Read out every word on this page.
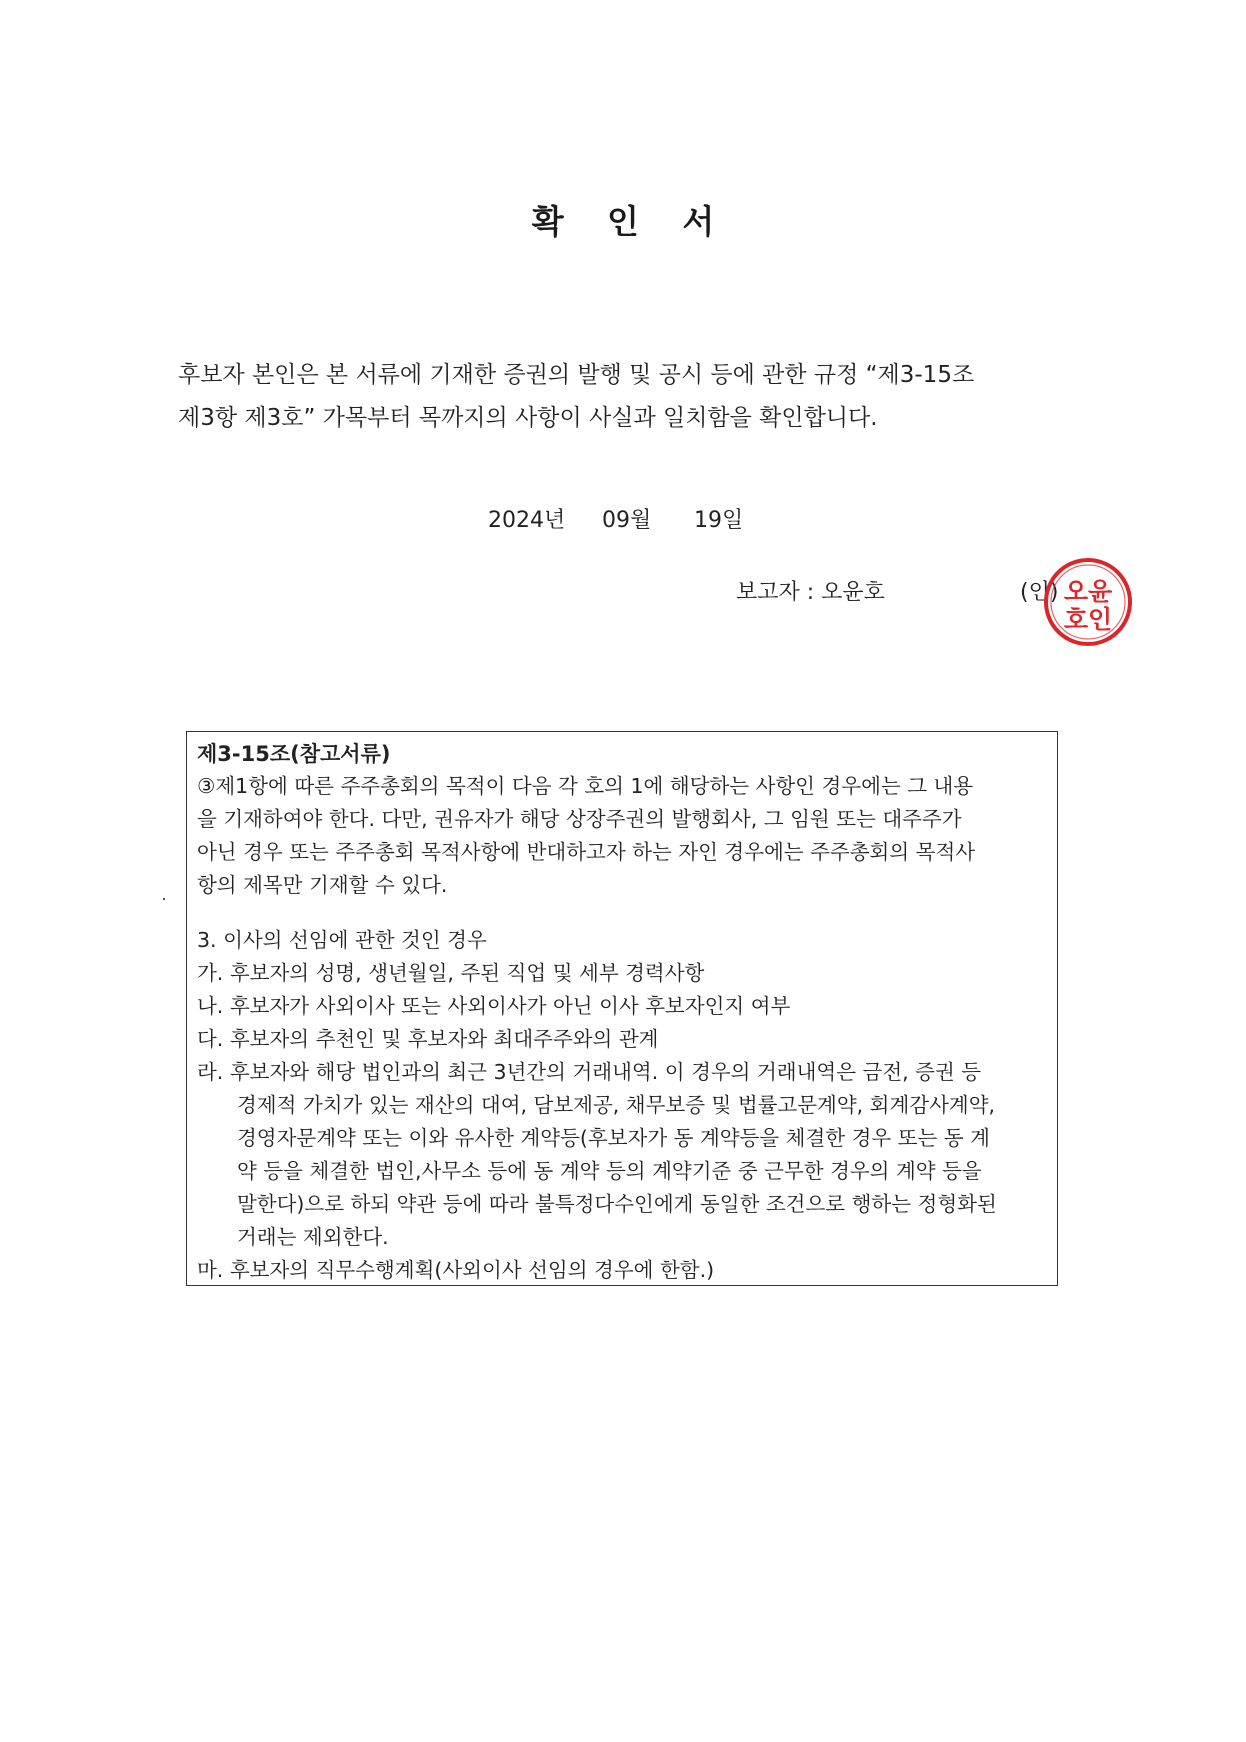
확 인 서
후보자 본인은 본 서류에 기재한 증권의 발행 및 공시 등에 관한 규정 “제3-15조
제3항 제3호” 가목부터 목까지의 사항이 사실과 일치함을 확인합니다.
2024년 09월 19일
보고자 : 오윤호	(인) 오윤
호인
제3-15조(참고서류)

③제1항에 따른 주주총회의 목적이 다음 각 호의 1에 해당하는 사항인 경우에는 그 내용

을 기재하여야 한다. 다만, 권유자가 해당 상장주권의 발행회사, 그 임원 또는 대주주가

아닌 경우 또는 주주총회 목적사항에 반대하고자 하는 자인 경우에는 주주총회의 목적사

항의 제목만 기재할 수 있다.

3. 이사의 선임에 관한 것인 경우

가. 후보자의 성명, 생년월일, 주된 직업 및 세부 경력사항

나. 후보자가 사외이사 또는 사외이사가 아닌 이사 후보자인지 여부

다. 후보자의 추천인 및 후보자와 최대주주와의 관계

라. 후보자와 해당 법인과의 최근 3년간의 거래내역. 이 경우의 거래내역은 금전, 증권 등

경제적 가치가 있는 재산의 대여, 담보제공, 채무보증 및 법률고문계약, 회계감사계약,

경영자문계약 또는 이와 유사한 계약등(후보자가 동 계약등을 체결한 경우 또는 동 계

약 등을 체결한 법인,사무소 등에 동 계약 등의 계약기준 중 근무한 경우의 계약 등을

말한다)으로 하되 약관 등에 따라 불특정다수인에게 동일한 조건으로 행하는 정형화된

거래는 제외한다.

마. 후보자의 직무수행계획(사외이사 선임의 경우에 한함.)
